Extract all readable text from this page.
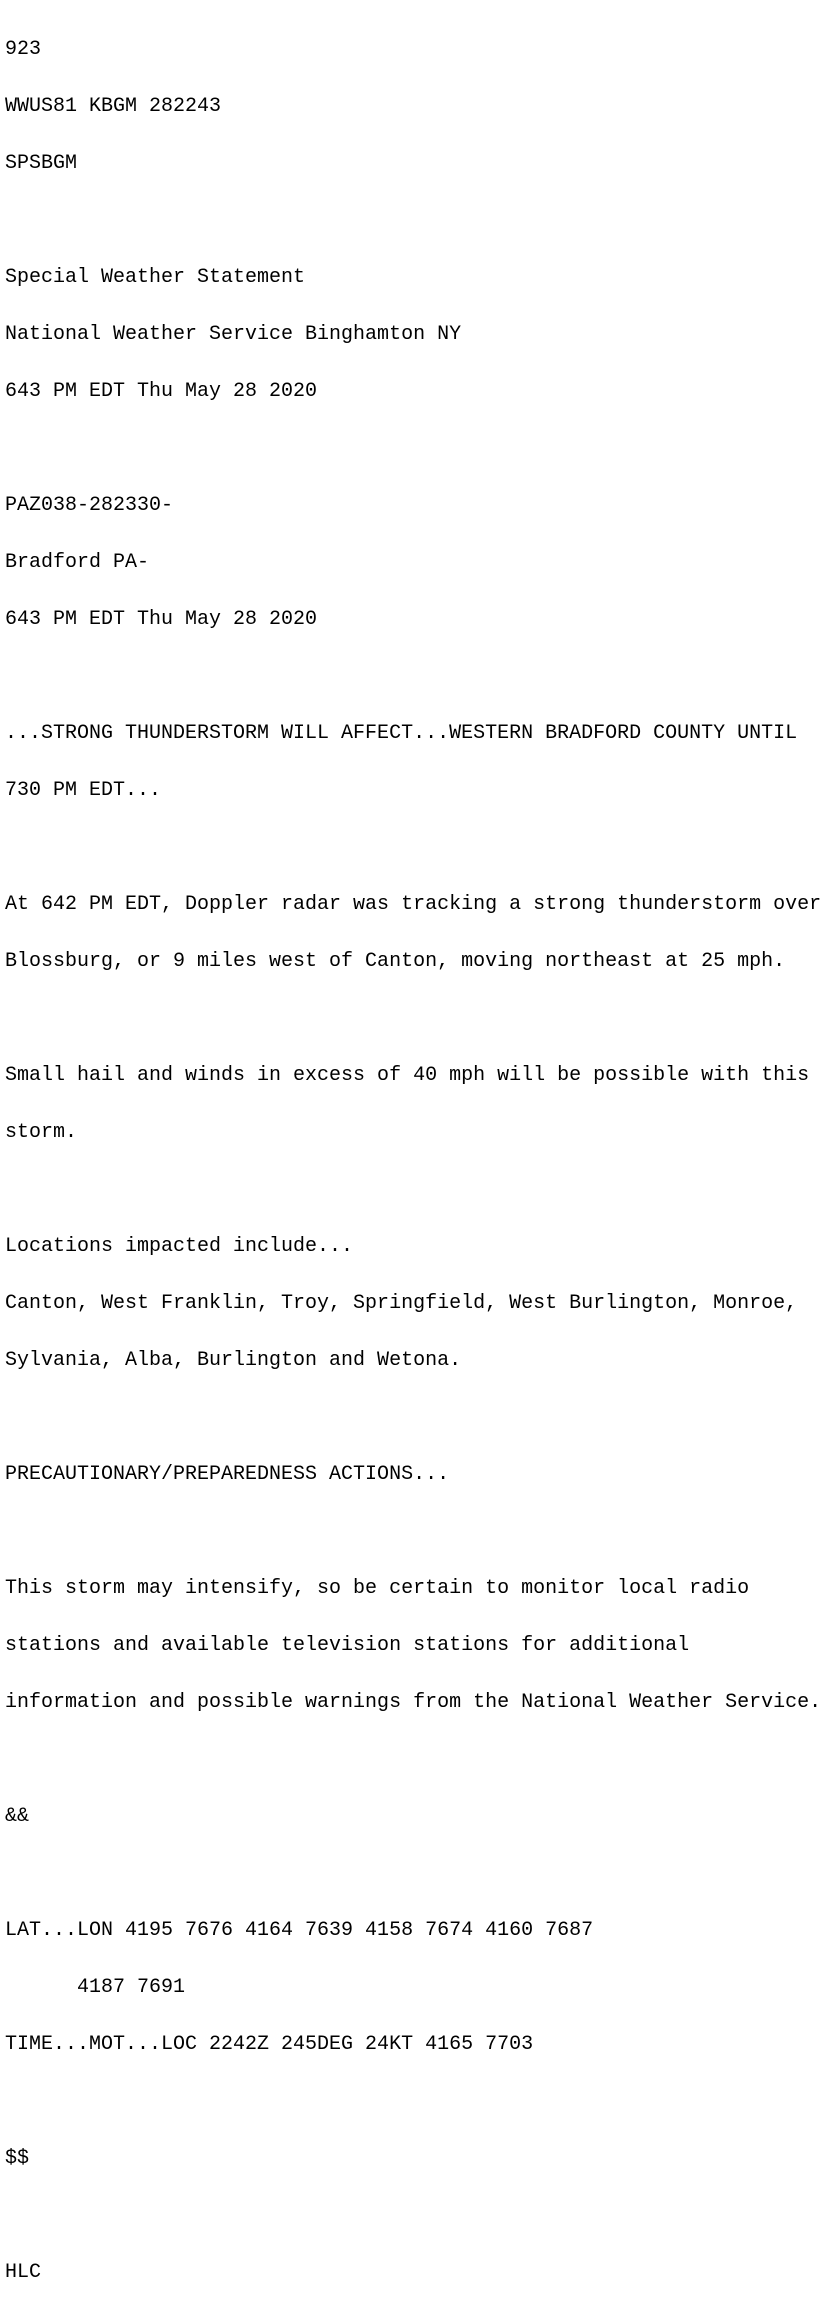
923

WWUS81 KBGM 282243

SPSBGM

Special Weather Statement

National Weather Service Binghamton NY

643 PM EDT Thu May 28 2020

PAZ038-282330-

Bradford PA-

643 PM EDT Thu May 28 2020

...STRONG THUNDERSTORM WILL AFFECT...WESTERN BRADFORD COUNTY UNTIL

730 PM EDT...

At 642 PM EDT, Doppler radar was tracking a strong thunderstorm over

Blossburg, or 9 miles west of Canton, moving northeast at 25 mph.

Small hail and winds in excess of 40 mph will be possible with this

storm.

Locations impacted include...

Canton, West Franklin, Troy, Springfield, West Burlington, Monroe,

Sylvania, Alba, Burlington and Wetona.

PRECAUTIONARY/PREPAREDNESS ACTIONS...

This storm may intensify, so be certain to monitor local radio

stations and available television stations for additional

information and possible warnings from the National Weather Service.

&&

LAT...LON 4195 7676 4164 7639 4158 7674 4160 7687

4187 7691

TIME...MOT...LOC 2242Z 245DEG 24KT 4165 7703

$$

HLC
